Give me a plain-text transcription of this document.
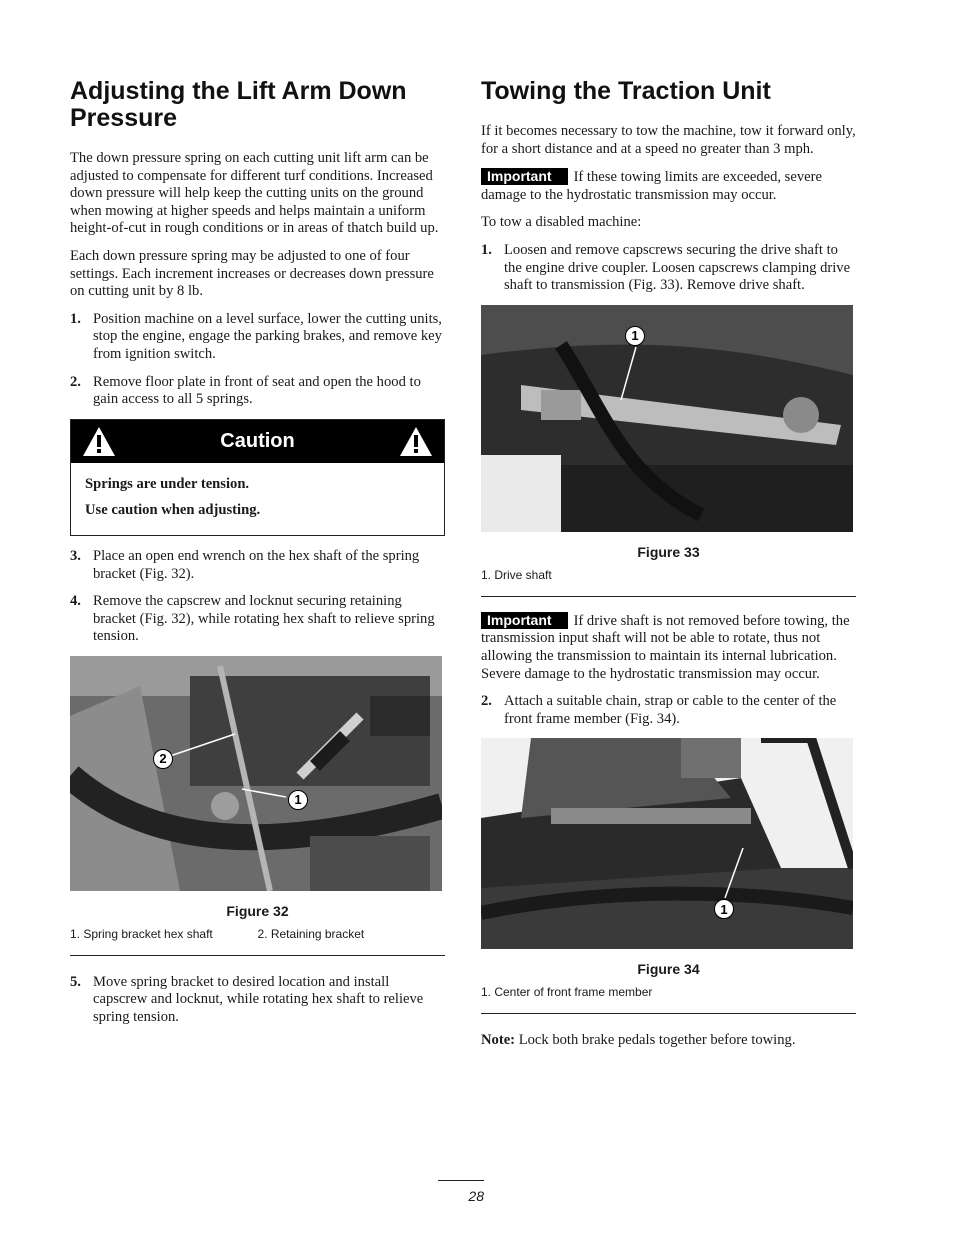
Adjusting the Lift Arm Down Pressure

The down pressure spring on each cutting unit lift arm can be adjusted to compensate for different turf conditions. Increased down pressure will help keep the cutting units on the ground when mowing at higher speeds and helps maintain a uniform height-of-cut in rough conditions or in areas of thatch build up.

Each down pressure spring may be adjusted to one of four settings. Each increment increases or decreases down pressure on cutting unit by 8 lb.

1. Position machine on a level surface, lower the cutting units, stop the engine, engage the parking brakes, and remove key from ignition switch.
2. Remove floor plate in front of seat and open the hood to gain access to all 5 springs.
Caution

Springs are under tension.

Use caution when adjusting.

3. Place an open end wrench on the hex shaft of the spring bracket (Fig. 32).
4. Remove the capscrew and locknut securing retaining bracket (Fig. 32), while rotating hex shaft to relieve spring tension.
2
1
Figure 32
1. Spring bracket hex shaft	2. Retaining bracket
5. Move spring bracket to desired location and install capscrew and locknut, while rotating hex shaft to relieve spring tension.
Towing the Traction Unit

If it becomes necessary to tow the machine, tow it forward only, for a short distance and at a speed no greater than 3 mph.

Important If these towing limits are exceeded, severe damage to the hydrostatic transmission may occur.

To tow a disabled machine:

1. Loosen and remove capscrews securing the drive shaft to the engine drive coupler. Loosen capscrews clamping drive shaft to transmission (Fig. 33). Remove drive shaft.
1
Figure 33
1. Drive shaft

Important If drive shaft is not removed before towing, the transmission input shaft will not be able to rotate, thus not allowing the transmission to maintain its internal lubrication. Severe damage to the hydrostatic transmission may occur.

2. Attach a suitable chain, strap or cable to the center of the front frame member (Fig. 34).
1
Figure 34
1. Center of front frame member

Note: Lock both brake pedals together before towing.

28
